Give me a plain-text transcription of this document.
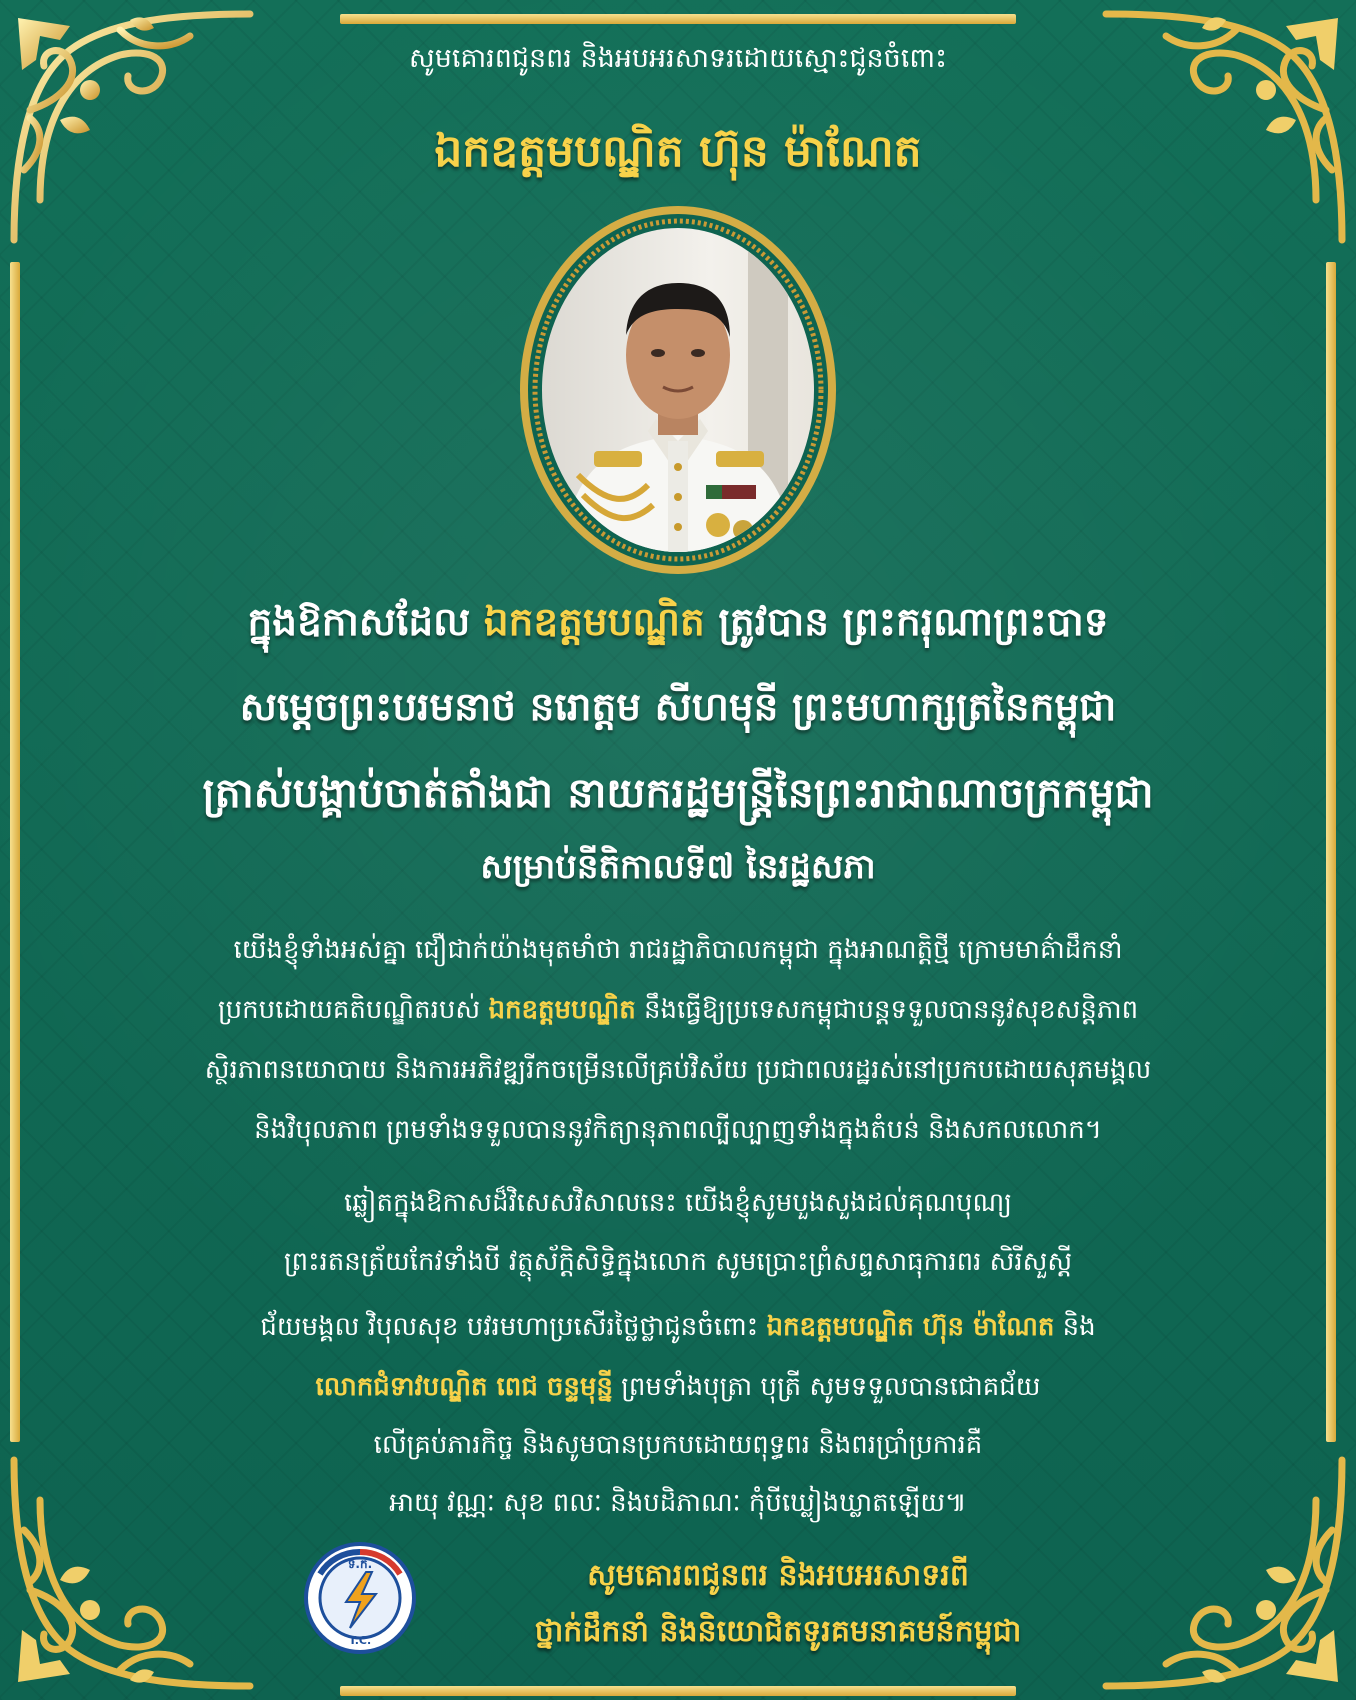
សូមគោរពជូនពរ និងអបអរសាទរដោយស្មោះជូនចំពោះ

ឯកឧត្តមបណ្ឌិត ហ៊ុន ម៉ាណែត

ក្នុងឱកាសដែល ឯកឧត្តមបណ្ឌិត ត្រូវបាន ព្រះករុណាព្រះបាទ

សម្តេចព្រះបរមនាថ នរោត្តម សីហមុនី ព្រះមហាក្សត្រនៃកម្ពុជា

ត្រាស់បង្គាប់ចាត់តាំងជា នាយករដ្ឋមន្ត្រីនៃព្រះរាជាណាចក្រកម្ពុជា

សម្រាប់នីតិកាលទី៧ នៃរដ្ឋសភា

យើងខ្ញុំទាំងអស់គ្នា ជឿជាក់យ៉ាងមុតមាំថា រាជរដ្ឋាភិបាលកម្ពុជា ក្នុងអាណត្តិថ្មី ក្រោមមាគ៌ាដឹកនាំ

ប្រកបដោយគតិបណ្ឌិតរបស់ ឯកឧត្តមបណ្ឌិត នឹងធ្វើឱ្យប្រទេសកម្ពុជាបន្តទទួលបាននូវសុខសន្តិភាព

ស្ថិរភាពនយោបាយ និងការអភិវឌ្ឍរីកចម្រើនលើគ្រប់វិស័យ ប្រជាពលរដ្ឋរស់នៅប្រកបដោយសុភមង្គល

និងវិបុលភាព ព្រមទាំងទទួលបាននូវកិត្យានុភាពល្បីល្បាញទាំងក្នុងតំបន់ និងសកលលោក។

ឆ្លៀតក្នុងឱកាសដ៏វិសេសវិសាលនេះ យើងខ្ញុំសូមបួងសួងដល់គុណបុណ្យ

ព្រះរតនត្រ័យកែវទាំងបី វត្ថុស័ក្តិសិទ្ធិក្នុងលោក សូមប្រោះព្រំសព្ទសាធុការពរ សិរីសួស្តី

ជ័យមង្គល វិបុលសុខ បវរមហាប្រសើរថ្លៃថ្លាជូនចំពោះ ឯកឧត្តមបណ្ឌិត ហ៊ុន ម៉ាណែត និង

លោកជំទាវបណ្ឌិត ពេជ ចន្ទមុន្នី ព្រមទាំងបុត្រា បុត្រី សូមទទួលបានជោគជ័យ

លើគ្រប់ភារកិច្ច និងសូមបានប្រកបដោយពុទ្ធពរ និងពរប្រាំប្រការគឺ

អាយុ វណ្ណៈ សុខ ពលៈ និងបដិភាណៈ កុំបីឃ្លៀងឃ្លាតឡើយ៕

ទ.ក.
T.C.

សូមគោរពជូនពរ និងអបអរសាទរពី

ថ្នាក់ដឹកនាំ និងនិយោជិតទូរគមនាគមន៍កម្ពុជា
